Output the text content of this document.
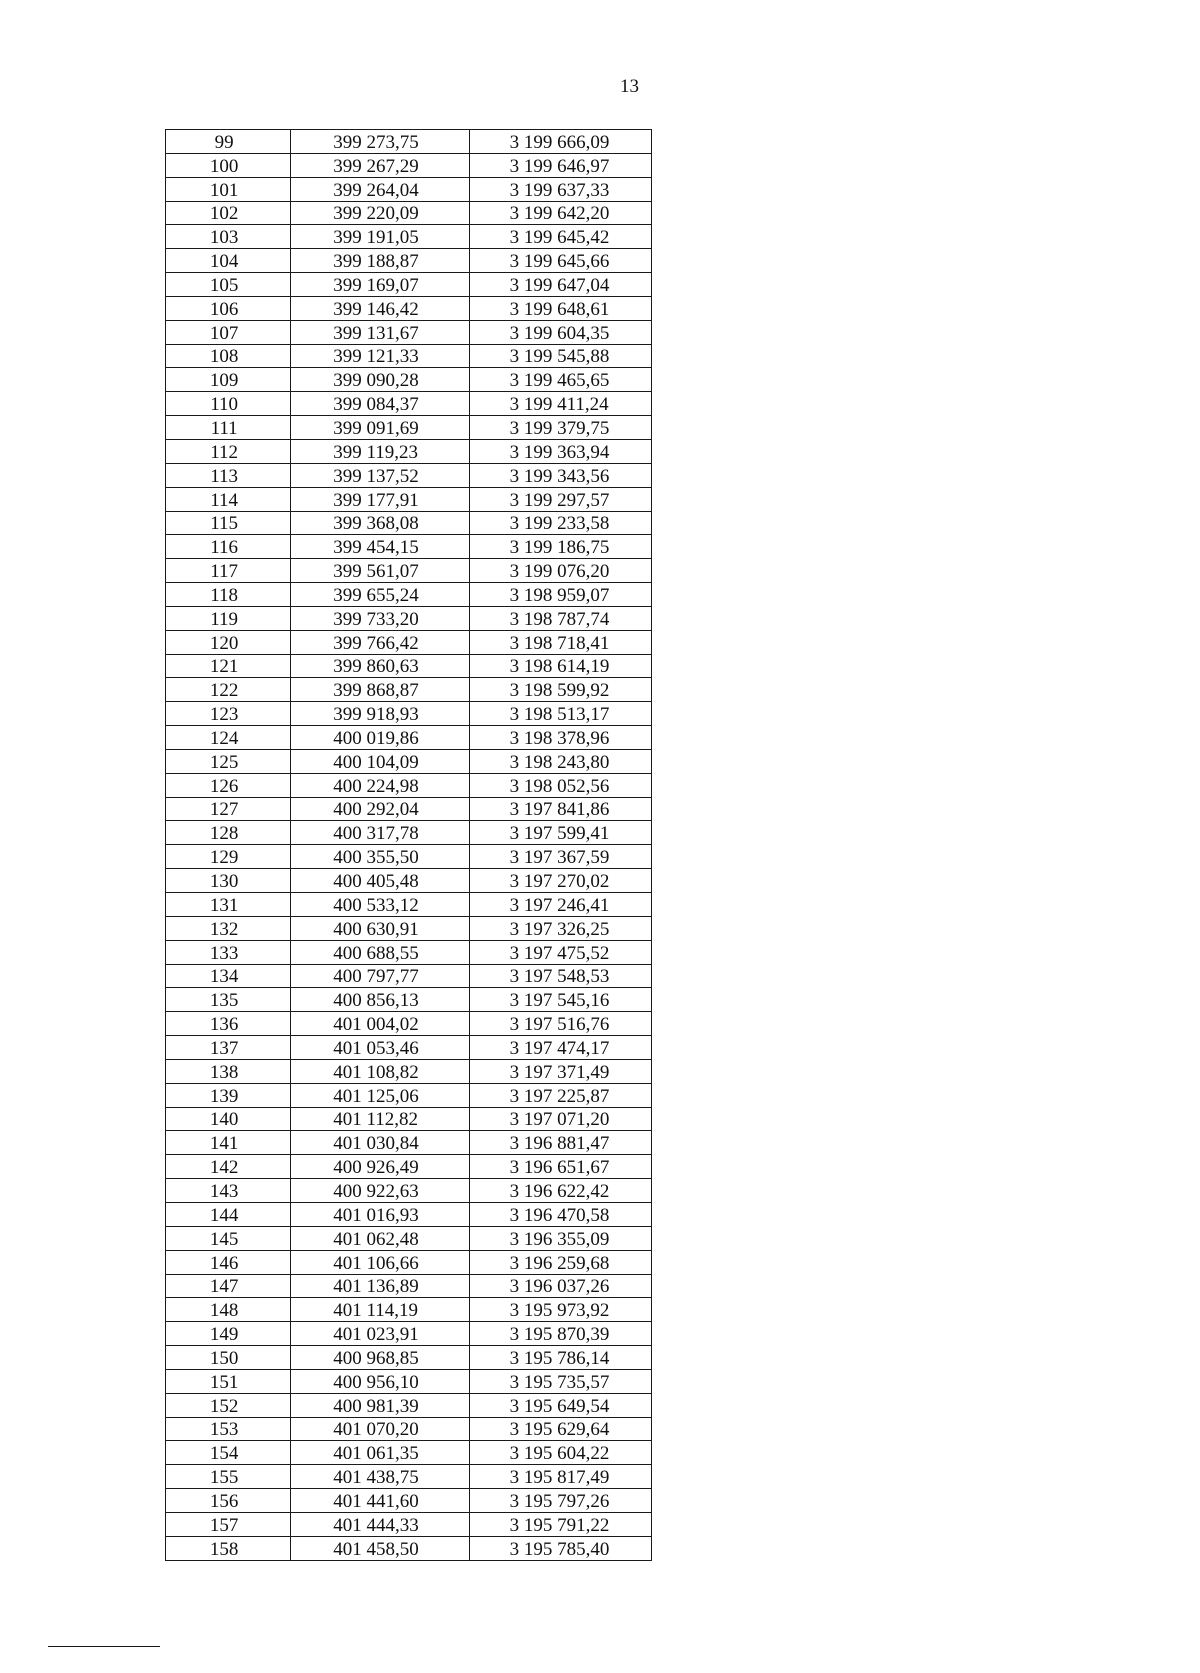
13
99	399 273,75	3 199 666,09
100	399 267,29	3 199 646,97
101	399 264,04	3 199 637,33
102	399 220,09	3 199 642,20
103	399 191,05	3 199 645,42
104	399 188,87	3 199 645,66
105	399 169,07	3 199 647,04
106	399 146,42	3 199 648,61
107	399 131,67	3 199 604,35
108	399 121,33	3 199 545,88
109	399 090,28	3 199 465,65
110	399 084,37	3 199 411,24
111	399 091,69	3 199 379,75
112	399 119,23	3 199 363,94
113	399 137,52	3 199 343,56
114	399 177,91	3 199 297,57
115	399 368,08	3 199 233,58
116	399 454,15	3 199 186,75
117	399 561,07	3 199 076,20
118	399 655,24	3 198 959,07
119	399 733,20	3 198 787,74
120	399 766,42	3 198 718,41
121	399 860,63	3 198 614,19
122	399 868,87	3 198 599,92
123	399 918,93	3 198 513,17
124	400 019,86	3 198 378,96
125	400 104,09	3 198 243,80
126	400 224,98	3 198 052,56
127	400 292,04	3 197 841,86
128	400 317,78	3 197 599,41
129	400 355,50	3 197 367,59
130	400 405,48	3 197 270,02
131	400 533,12	3 197 246,41
132	400 630,91	3 197 326,25
133	400 688,55	3 197 475,52
134	400 797,77	3 197 548,53
135	400 856,13	3 197 545,16
136	401 004,02	3 197 516,76
137	401 053,46	3 197 474,17
138	401 108,82	3 197 371,49
139	401 125,06	3 197 225,87
140	401 112,82	3 197 071,20
141	401 030,84	3 196 881,47
142	400 926,49	3 196 651,67
143	400 922,63	3 196 622,42
144	401 016,93	3 196 470,58
145	401 062,48	3 196 355,09
146	401 106,66	3 196 259,68
147	401 136,89	3 196 037,26
148	401 114,19	3 195 973,92
149	401 023,91	3 195 870,39
150	400 968,85	3 195 786,14
151	400 956,10	3 195 735,57
152	400 981,39	3 195 649,54
153	401 070,20	3 195 629,64
154	401 061,35	3 195 604,22
155	401 438,75	3 195 817,49
156	401 441,60	3 195 797,26
157	401 444,33	3 195 791,22
158	401 458,50	3 195 785,40
